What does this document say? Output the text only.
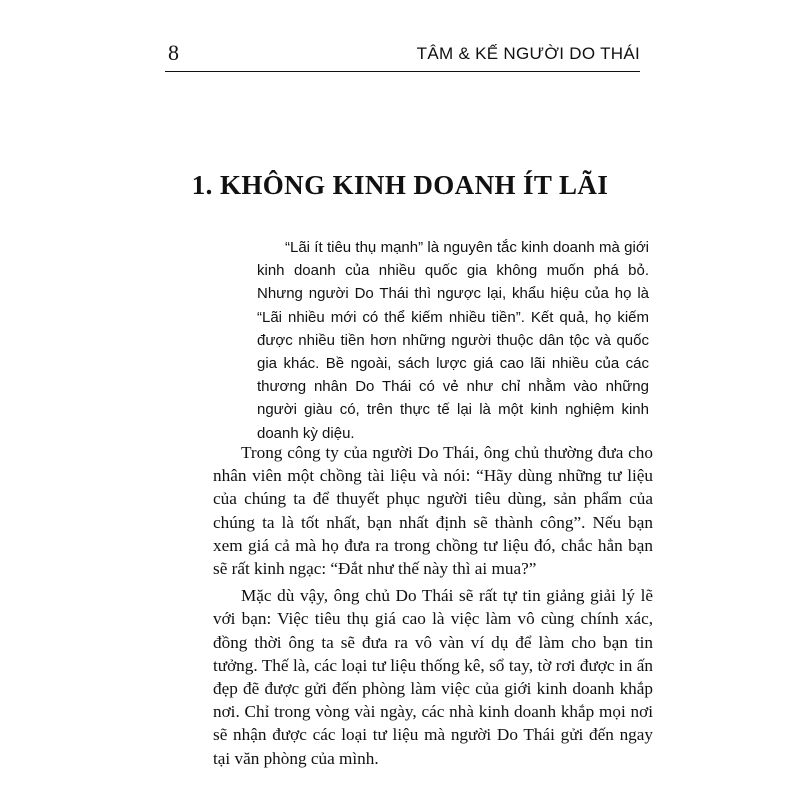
8	TÂM & KẾ NGƯỜI DO THÁI
1. KHÔNG KINH DOANH ÍT LÃI

“Lãi ít tiêu thụ mạnh” là nguyên tắc kinh doanh mà giới kinh doanh của nhiều quốc gia không muốn phá bỏ. Nhưng người Do Thái thì ngược lại, khẩu hiệu của họ là “Lãi nhiều mới có thể kiếm nhiều tiền”. Kết quả, họ kiếm được nhiều tiền hơn những người thuộc dân tộc và quốc gia khác. Bề ngoài, sách lược giá cao lãi nhiều của các thương nhân Do Thái có vẻ như chỉ nhằm vào những người giàu có, trên thực tế lại là một kinh nghiệm kinh doanh kỳ diệu.

Trong công ty của người Do Thái, ông chủ thường đưa cho nhân viên một chồng tài liệu và nói: “Hãy dùng những tư liệu của chúng ta để thuyết phục người tiêu dùng, sản phẩm của chúng ta là tốt nhất, bạn nhất định sẽ thành công”. Nếu bạn xem giá cả mà họ đưa ra trong chồng tư liệu đó, chắc hẳn bạn sẽ rất kinh ngạc: “Đắt như thế này thì ai mua?”

Mặc dù vậy, ông chủ Do Thái sẽ rất tự tin giảng giải lý lẽ với bạn: Việc tiêu thụ giá cao là việc làm vô cùng chính xác, đồng thời ông ta sẽ đưa ra vô vàn ví dụ để làm cho bạn tin tưởng. Thế là, các loại tư liệu thống kê, sổ tay, tờ rơi được in ấn đẹp đẽ được gửi đến phòng làm việc của giới kinh doanh khắp nơi. Chỉ trong vòng vài ngày, các nhà kinh doanh khắp mọi nơi sẽ nhận được các loại tư liệu mà người Do Thái gửi đến ngay tại văn phòng của mình.
